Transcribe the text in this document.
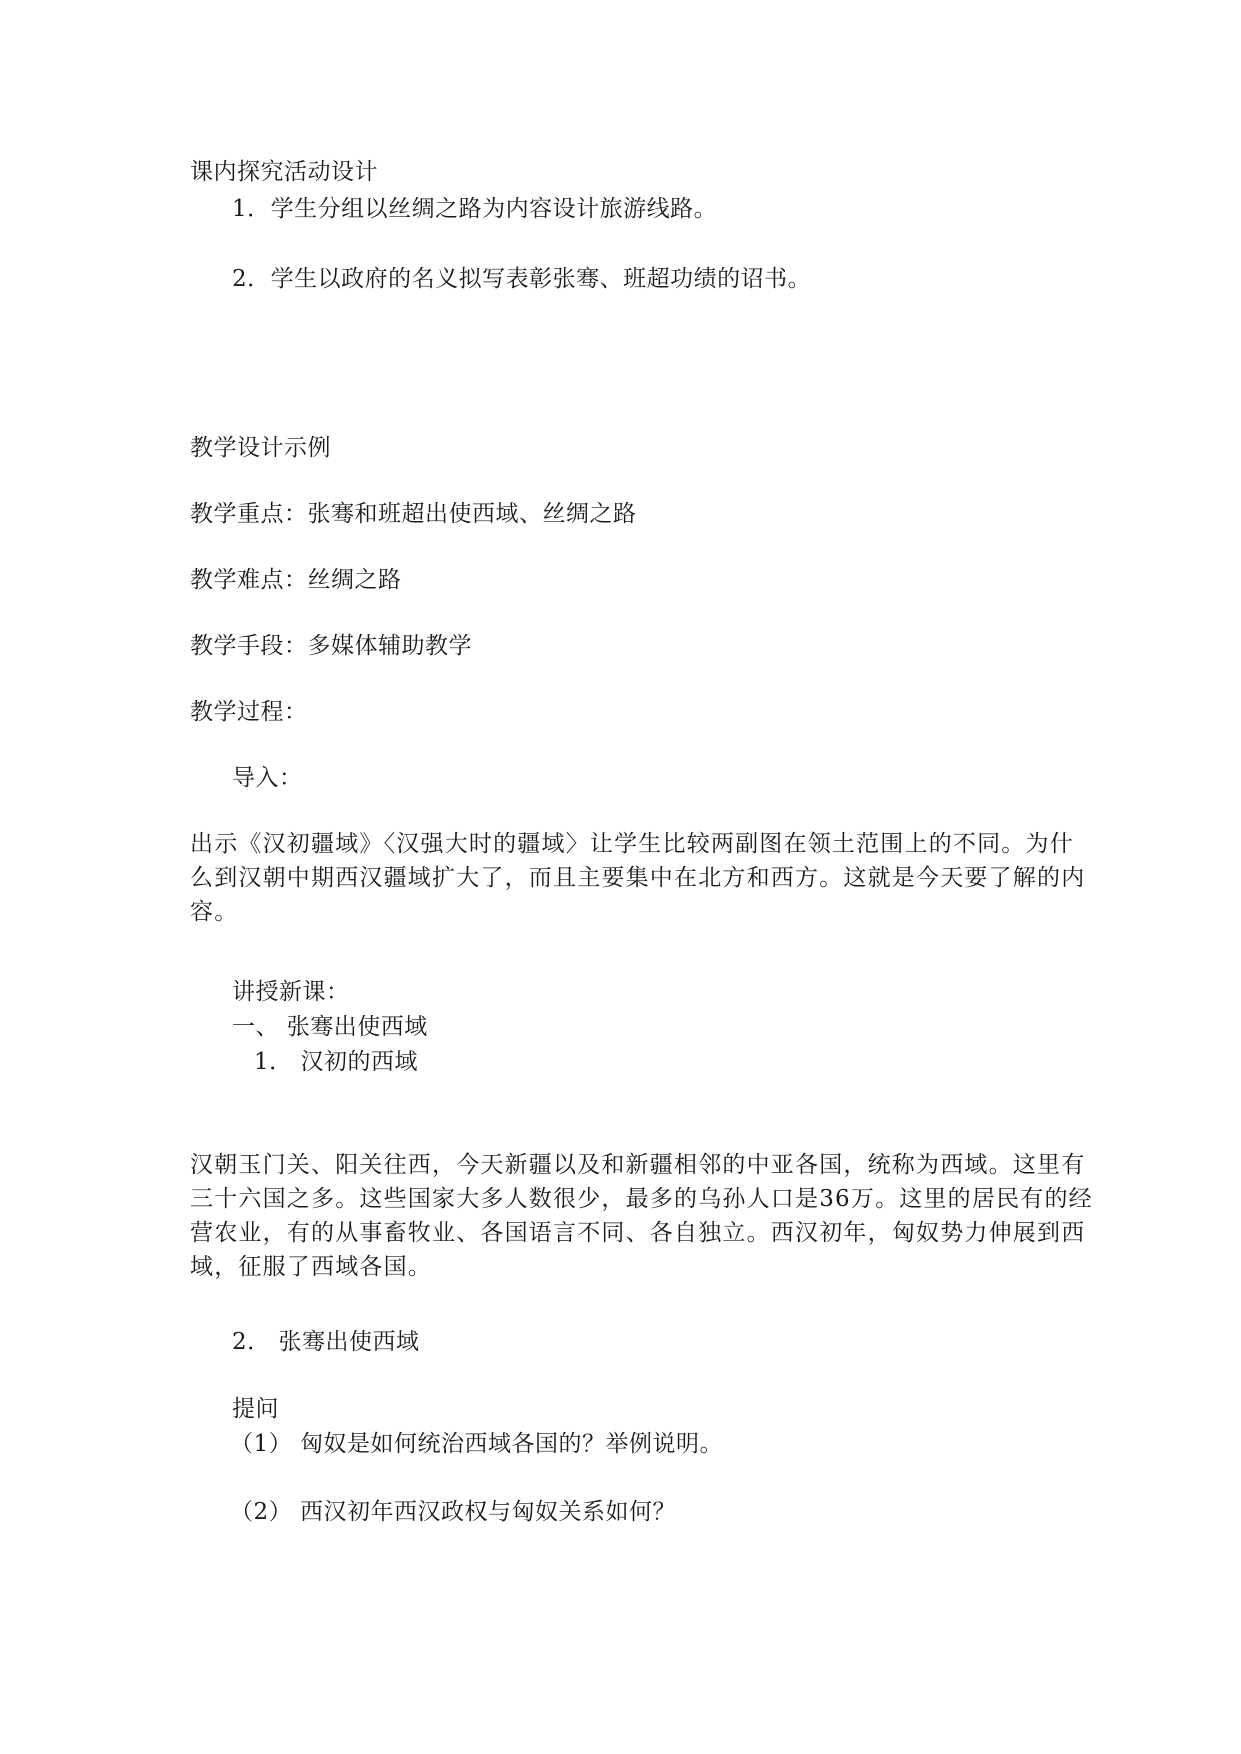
课内探究活动设计
1．学生分组以丝绸之路为内容设计旅游线路。
2．学生以政府的名义拟写表彰张骞、班超功绩的诏书。
教学设计示例
教学重点：张骞和班超出使西域、丝绸之路
教学难点：丝绸之路
教学手段：多媒体辅助教学
教学过程：
导入：
出示《汉初疆域》〈汉强大时的疆域〉让学生比较两副图在领土范围上的不同。为什
么到汉朝中期西汉疆域扩大了，而且主要集中在北方和西方。这就是今天要了解的内
容。
讲授新课：
一、 张骞出使西域
1． 汉初的西域
汉朝玉门关、阳关往西，今天新疆以及和新疆相邻的中亚各国，统称为西域。这里有
三十六国之多。这些国家大多人数很少，最多的乌孙人口是36万。这里的居民有的经
营农业，有的从事畜牧业、各国语言不同、各自独立。西汉初年，匈奴势力伸展到西
域，征服了西域各国。
2． 张骞出使西域
提问
（1） 匈奴是如何统治西域各国的？举例说明。
（2） 西汉初年西汉政权与匈奴关系如何？
